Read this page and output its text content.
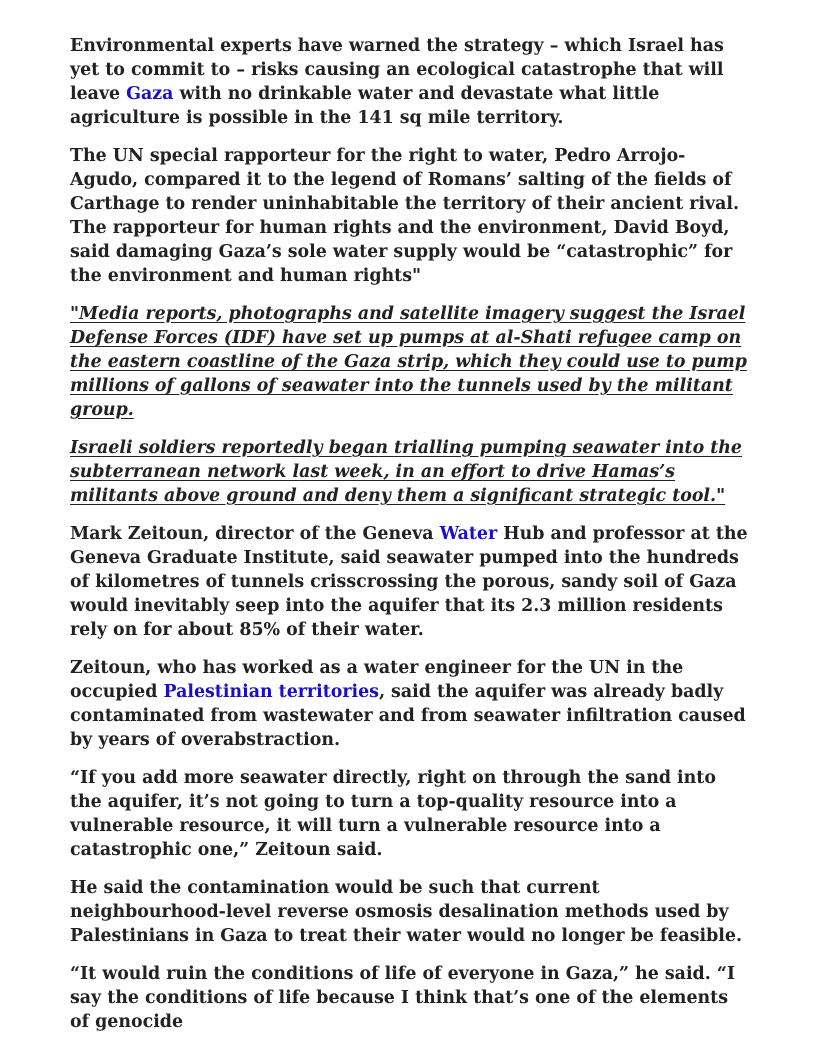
Environmental experts have warned the strategy – which Israel has yet to commit to – risks causing an ecological catastrophe that will leave Gaza with no drinkable water and devastate what little agriculture is possible in the 141 sq mile territory.

The UN special rapporteur for the right to water, Pedro Arrojo-Agudo, compared it to the legend of Romans’ salting of the fields of Carthage to render uninhabitable the territory of their ancient rival. The rapporteur for human rights and the environment, David Boyd, said damaging Gaza’s sole water supply would be “catastrophic” for the environment and human rights"

"Media reports, photographs and satellite imagery suggest the Israel Defense Forces (IDF) have set up pumps at al-Shati refugee camp on the eastern coastline of the Gaza strip, which they could use to pump millions of gallons of seawater into the tunnels used by the militant group.

Israeli soldiers reportedly began trialling pumping seawater into the subterranean network last week, in an effort to drive Hamas’s militants above ground and deny them a significant strategic tool."

Mark Zeitoun, director of the Geneva Water Hub and professor at the Geneva Graduate Institute, said seawater pumped into the hundreds of kilometres of tunnels crisscrossing the porous, sandy soil of Gaza would inevitably seep into the aquifer that its 2.3 million residents rely on for about 85% of their water.

Zeitoun, who has worked as a water engineer for the UN in the occupied Palestinian territories, said the aquifer was already badly contaminated from wastewater and from seawater infiltration caused by years of overabstraction.

“If you add more seawater directly, right on through the sand into the aquifer, it’s not going to turn a top-quality resource into a vulnerable resource, it will turn a vulnerable resource into a catastrophic one,” Zeitoun said.

He said the contamination would be such that current neighbourhood-level reverse osmosis desalination methods used by Palestinians in Gaza to treat their water would no longer be feasible.

“It would ruin the conditions of life of everyone in Gaza,” he said. “I say the conditions of life because I think that’s one of the elements of genocide
